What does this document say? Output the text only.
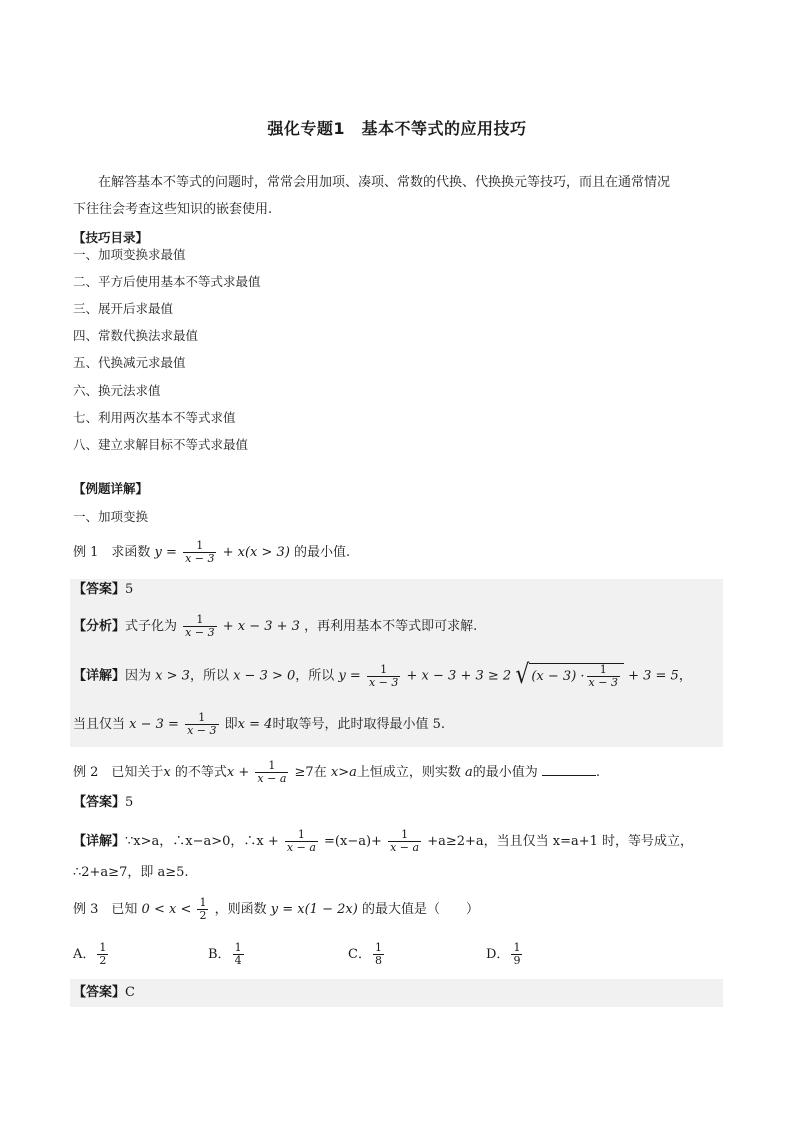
强化专题1　基本不等式的应用技巧
在解答基本不等式的问题时，常常会用加项、凑项、常数的代换、代换换元等技巧，而且在通常情况
下往往会考查这些知识的嵌套使用.
【技巧目录】
一、加项变换求最值
二、平方后使用基本不等式求最值
三、展开后求最值
四、常数代换法求最值
五、代换减元求最值
六、换元法求值
七、利用两次基本不等式求值
八、建立求解目标不等式求最值
【例题详解】
一、加项变换
例 1　求函数 $y = \frac{1}{x - 3} + x(x > 3)$ 的最小值.
【答案】5
【分析】式子化为 $\frac{1}{x - 3} + x - 3 + 3$ ，再利用基本不等式即可求解.
【详解】因为 x > 3，所以 x − 3 > 0，所以 $y = \frac{1}{x - 3} + x - 3 + 3 \ge 2$ √ $(x - 3) \cdot \frac{1}{x - 3} + 3 = 5$，
当且仅当 $x - 3 = \frac{1}{x - 3}$ 即x = 4时取等号，此时取得最小值 5.
例 2　已知关于x 的不等式$x + \frac{1}{x - a} \ge 7$在 x>a上恒成立，则实数 a的最小值为	.
【答案】5
【详解】∵x>a，∴x−a>0，∴x + $\frac{1}{x - a} =(x-a)+ \frac{1}{x - a} +a\ge 2+a$，当且仅当 x=a+1 时，等号成立，
∴2+a≥7，即 a≥5.
例 3　已知 $0 < x < \frac{1}{2}$ ，则函数 y = x(1 − 2x) 的最大值是（　　）
A． $\frac{1}{2}$	B． $\frac{1}{4}$	C． $\frac{1}{8}$	D． $\frac{1}{9}$
【答案】C
